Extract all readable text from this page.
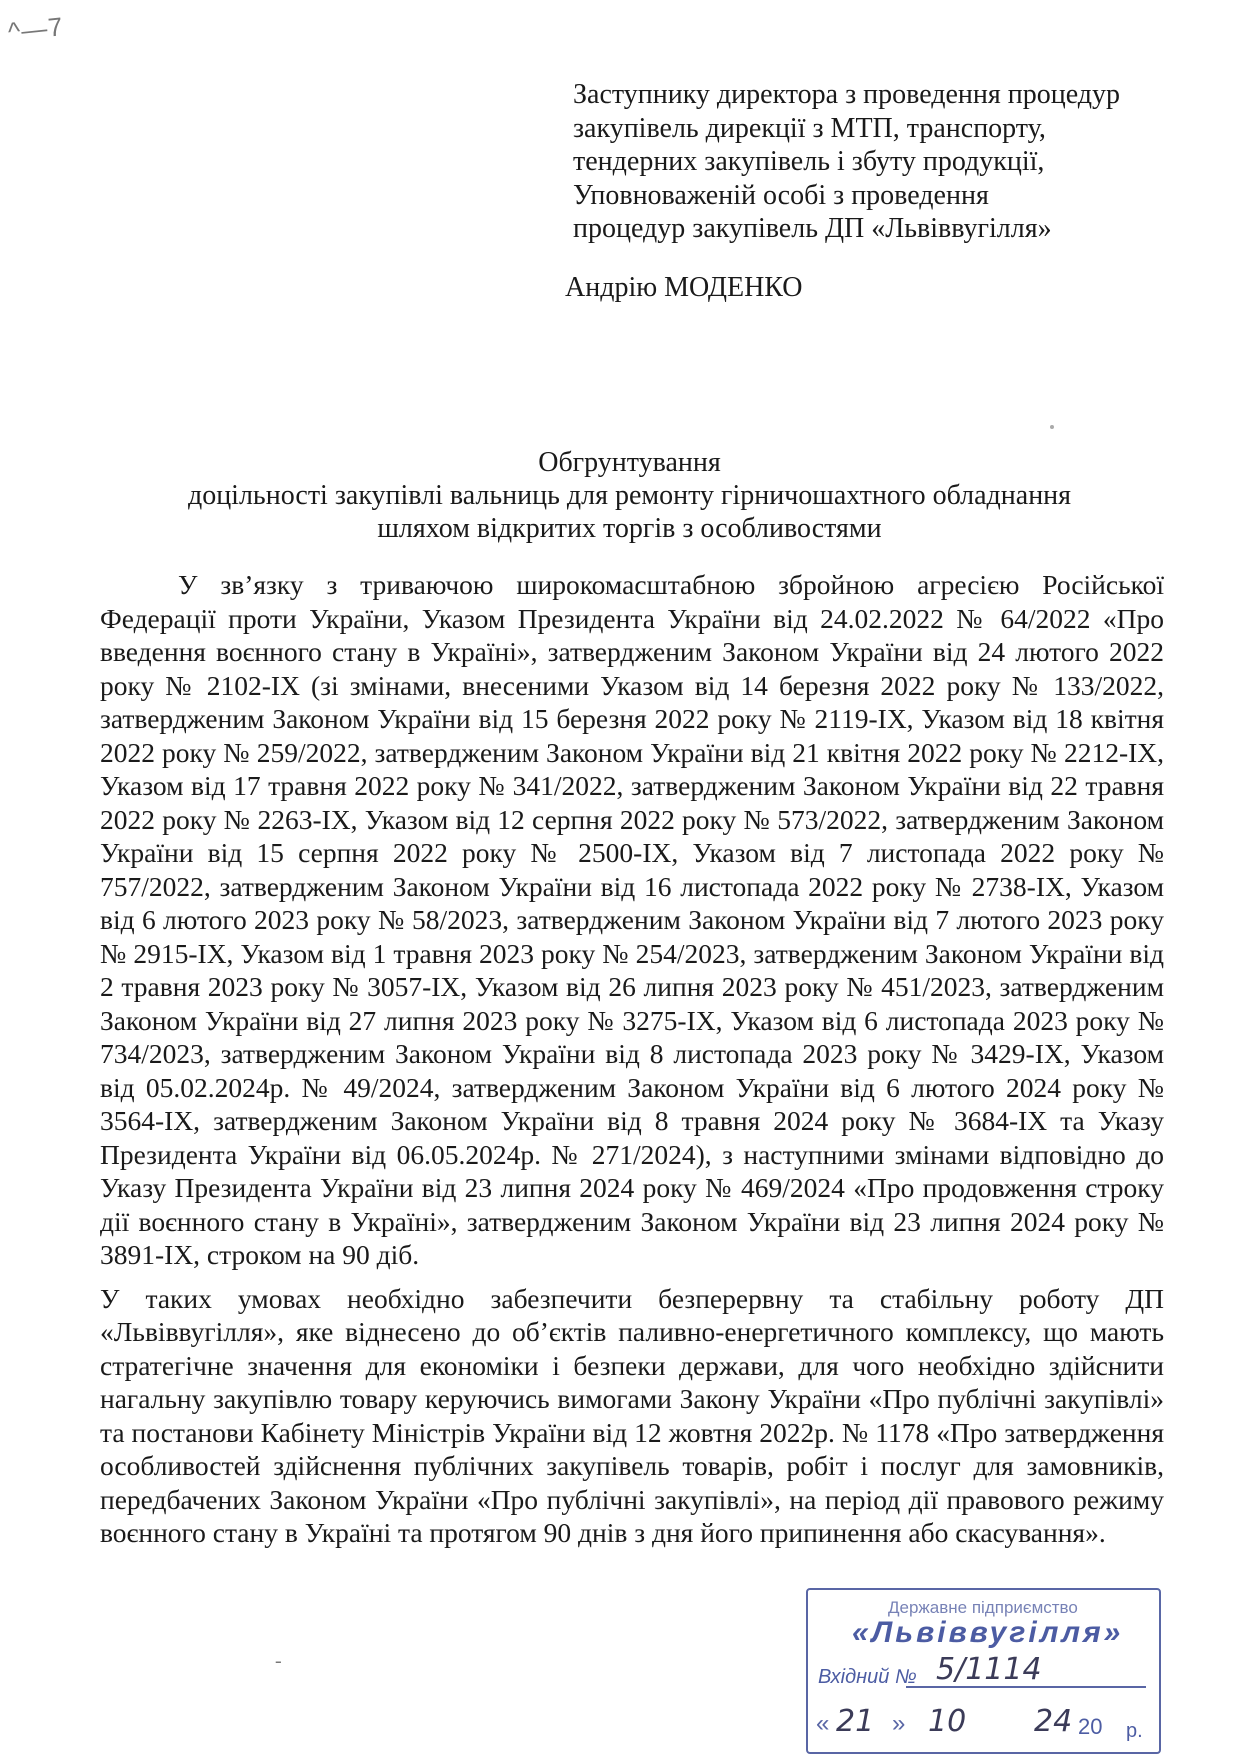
^—7
Заступнику директора з проведення процедур
закупівель дирекції з МТП, транспорту,
тендерних закупівель і збуту продукції,
Уповноваженій особі з проведення
процедур закупівель ДП «Львіввугілля»
Андрію МОДЕНКО
Обгрунтування
доцільності закупівлі вальниць для ремонту гірничошахтного обладнання
шляхом відкритих торгів з особливостями

У зв’язку з триваючою широкомасштабною збройною агресією Російської Федерації проти України, Указом Президента України від 24.02.2022 № 64/2022 «Про введення воєнного стану в Україні», затвердженим Законом України від 24 лютого 2022 року № 2102-IX (зі змінами, внесеними Указом від 14 березня 2022 року № 133/2022, затвердженим Законом України від 15 березня 2022 року № 2119-IX, Указом від 18 квітня 2022 року № 259/2022, затвердженим Законом України від 21 квітня 2022 року № 2212-IX, Указом від 17 травня 2022 року № 341/2022, затвердженим Законом України від 22 травня 2022 року № 2263-IX, Указом від 12 серпня 2022 року № 573/2022, затвердженим Законом України від 15 серпня 2022 року № 2500-IX, Указом від 7 листопада 2022 року № 757/2022, затвердженим Законом України від 16 листопада 2022 року № 2738-IX, Указом від 6 лютого 2023 року № 58/2023, затвердженим Законом України від 7 лютого 2023 року № 2915-IX, Указом від 1 травня 2023 року № 254/2023, затвердженим Законом України від 2 травня 2023 року № 3057-IX, Указом від 26 липня 2023 року № 451/2023, затвердженим Законом України від 27 липня 2023 року № 3275-IX, Указом від 6 листопада 2023 року № 734/2023, затвердженим Законом України від 8 листопада 2023 року № 3429-IX, Указом від 05.02.2024р. № 49/2024, затвердженим Законом України від 6 лютого 2024 року № 3564-IX, затвердженим Законом України від 8 травня 2024 року № 3684-IX та Указу Президента України від 06.05.2024р. № 271/2024), з наступними змінами відповідно до Указу Президента України від 23 липня 2024 року № 469/2024 «Про продовження строку дії воєнного стану в Україні», затвердженим Законом України від 23 липня 2024 року № 3891-IX, строком на 90 діб.

У таких умовах необхідно забезпечити безперервну та стабільну роботу ДП «Львіввугілля», яке віднесено до об’єктів паливно-енергетичного комплексу, що мають стратегічне значення для економіки і безпеки держави, для чого необхідно здійснити нагальну закупівлю товару керуючись вимогами Закону України «Про публічні закупівлі» та постанови Кабінету Міністрів України від 12 жовтня 2022р. № 1178 «Про затвердження особливостей здійснення публічних закупівель товарів, робіт і послуг для замовників, передбачених Законом України «Про публічні закупівлі», на період дії правового режиму воєнного стану в Україні та протягом 90 днів з дня його припинення або скасування».

-
Державне підприємство
«Львіввугілля»
Вхідний № 5/1114
« 21 » 10	20
24	р.
